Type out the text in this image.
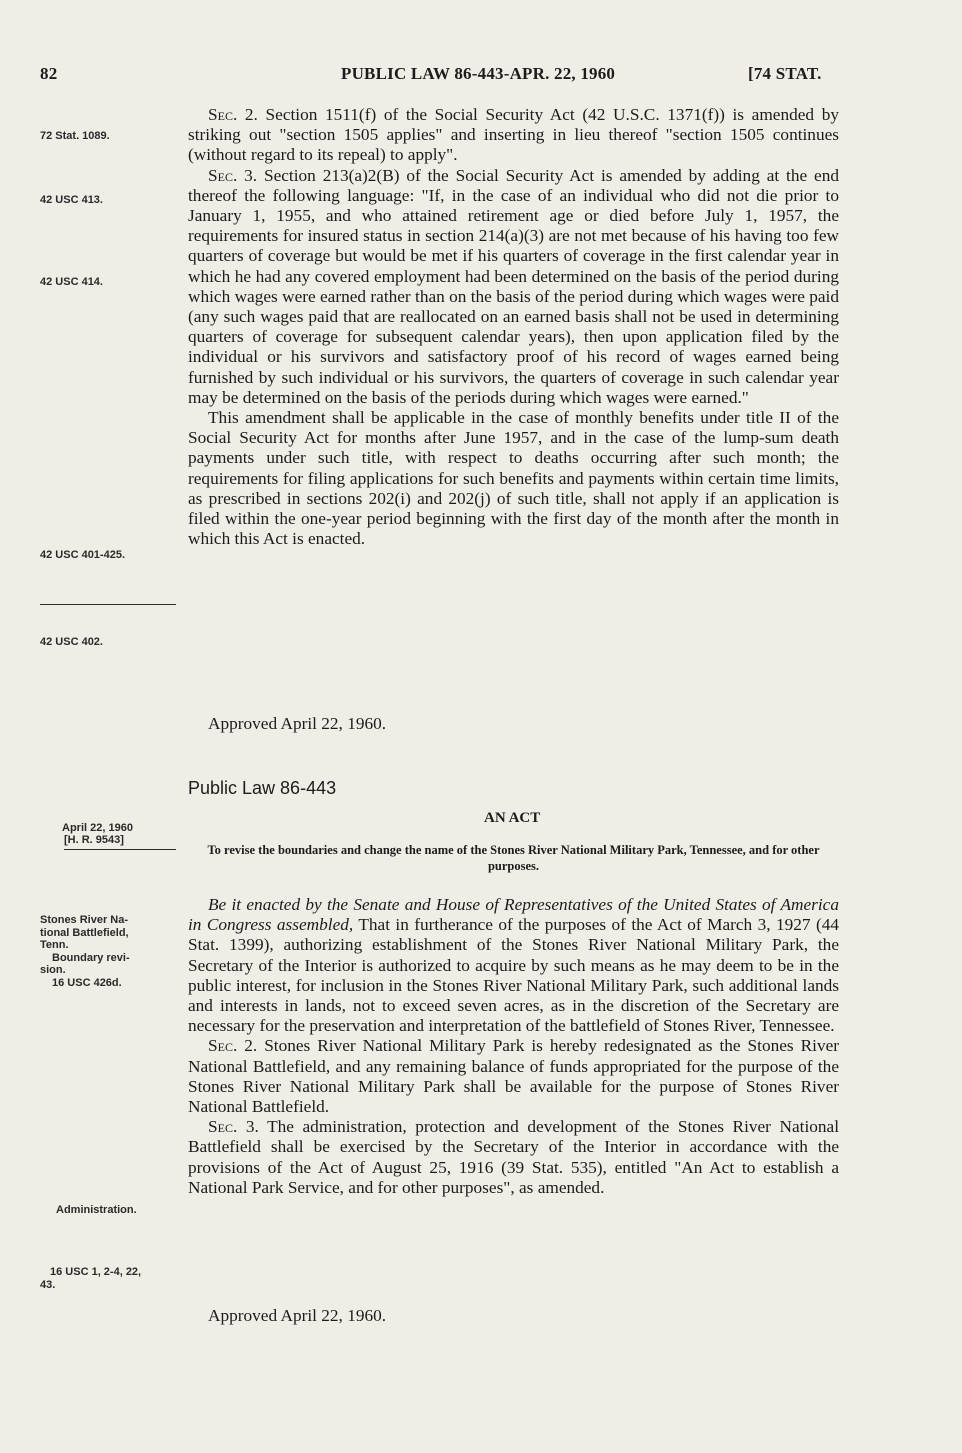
82	PUBLIC LAW 86-443-APR. 22, 1960	[74 STAT.
72 Stat. 1089.
42 USC 413.
42 USC 414.
42 USC 401-425.
42 USC 402.
April 22, 1960
[H. R. 9543]
Stones River Na-
tional Battlefield,
Tenn.
Boundary revi-
sion.
16 USC 426d.
Administration.
16 USC 1, 2-4, 22,
43.

Sec. 2. Section 1511(f) of the Social Security Act (42 U.S.C. 1371(f)) is amended by striking out "section 1505 applies" and inserting in lieu thereof "section 1505 continues (without regard to its repeal) to apply".

Sec. 3. Section 213(a)2(B) of the Social Security Act is amended by adding at the end thereof the following language: "If, in the case of an individual who did not die prior to January 1, 1955, and who attained retirement age or died before July 1, 1957, the requirements for insured status in section 214(a)(3) are not met because of his having too few quarters of coverage but would be met if his quarters of coverage in the first calendar year in which he had any covered employment had been determined on the basis of the period during which wages were earned rather than on the basis of the period during which wages were paid (any such wages paid that are reallocated on an earned basis shall not be used in determining quarters of coverage for subsequent calendar years), then upon application filed by the individual or his survivors and satisfactory proof of his record of wages earned being furnished by such individual or his survivors, the quarters of coverage in such calendar year may be determined on the basis of the periods during which wages were earned."

This amendment shall be applicable in the case of monthly benefits under title II of the Social Security Act for months after June 1957, and in the case of the lump-sum death payments under such title, with respect to deaths occurring after such month; the requirements for filing applications for such benefits and payments within certain time limits, as prescribed in sections 202(i) and 202(j) of such title, shall not apply if an application is filed within the one-year period beginning with the first day of the month after the month in which this Act is enacted.

Approved April 22, 1960.
Public Law 86-443
AN ACT
To revise the boundaries and change the name of the Stones River National Military Park, Tennessee, and for other purposes.

Be it enacted by the Senate and House of Representatives of the United States of America in Congress assembled, That in furtherance of the purposes of the Act of March 3, 1927 (44 Stat. 1399), authorizing establishment of the Stones River National Military Park, the Secretary of the Interior is authorized to acquire by such means as he may deem to be in the public interest, for inclusion in the Stones River National Military Park, such additional lands and interests in lands, not to exceed seven acres, as in the discretion of the Secretary are necessary for the preservation and interpretation of the battlefield of Stones River, Tennessee.

Sec. 2. Stones River National Military Park is hereby redesignated as the Stones River National Battlefield, and any remaining balance of funds appropriated for the purpose of the Stones River National Military Park shall be available for the purpose of Stones River National Battlefield.

Sec. 3. The administration, protection and development of the Stones River National Battlefield shall be exercised by the Secretary of the Interior in accordance with the provisions of the Act of August 25, 1916 (39 Stat. 535), entitled "An Act to establish a National Park Service, and for other purposes", as amended.

Approved April 22, 1960.
